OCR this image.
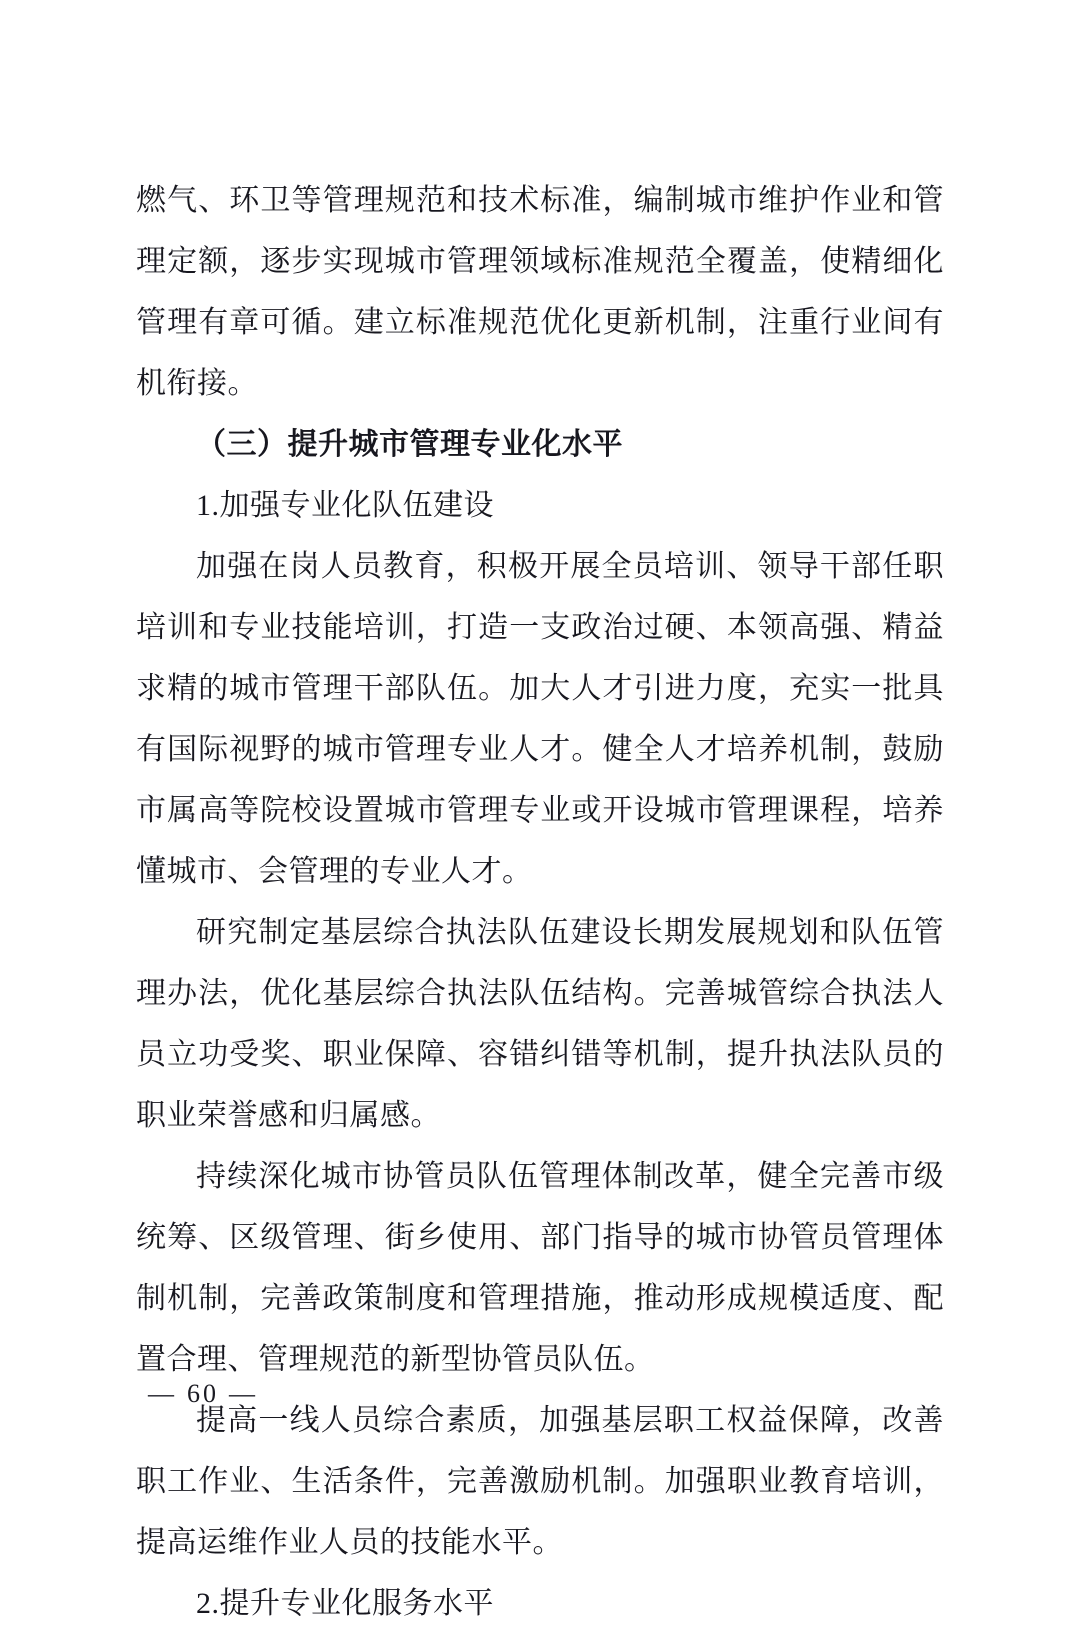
燃气、环卫等管理规范和技术标准，编制城市维护作业和管理定额，逐步实现城市管理领域标准规范全覆盖，使精细化管理有章可循。建立标准规范优化更新机制，注重行业间有机衔接。

（三）提升城市管理专业化水平

1.加强专业化队伍建设

加强在岗人员教育，积极开展全员培训、领导干部任职培训和专业技能培训，打造一支政治过硬、本领高强、精益求精的城市管理干部队伍。加大人才引进力度，充实一批具有国际视野的城市管理专业人才。健全人才培养机制，鼓励市属高等院校设置城市管理专业或开设城市管理课程，培养懂城市、会管理的专业人才。

研究制定基层综合执法队伍建设长期发展规划和队伍管理办法，优化基层综合执法队伍结构。完善城管综合执法人员立功受奖、职业保障、容错纠错等机制，提升执法队员的职业荣誉感和归属感。

持续深化城市协管员队伍管理体制改革，健全完善市级统筹、区级管理、街乡使用、部门指导的城市协管员管理体制机制，完善政策制度和管理措施，推动形成规模适度、配置合理、管理规范的新型协管员队伍。

提高一线人员综合素质，加强基层职工权益保障，改善职工作业、生活条件，完善激励机制。加强职业教育培训，提高运维作业人员的技能水平。

2.提升专业化服务水平

— 60 —
